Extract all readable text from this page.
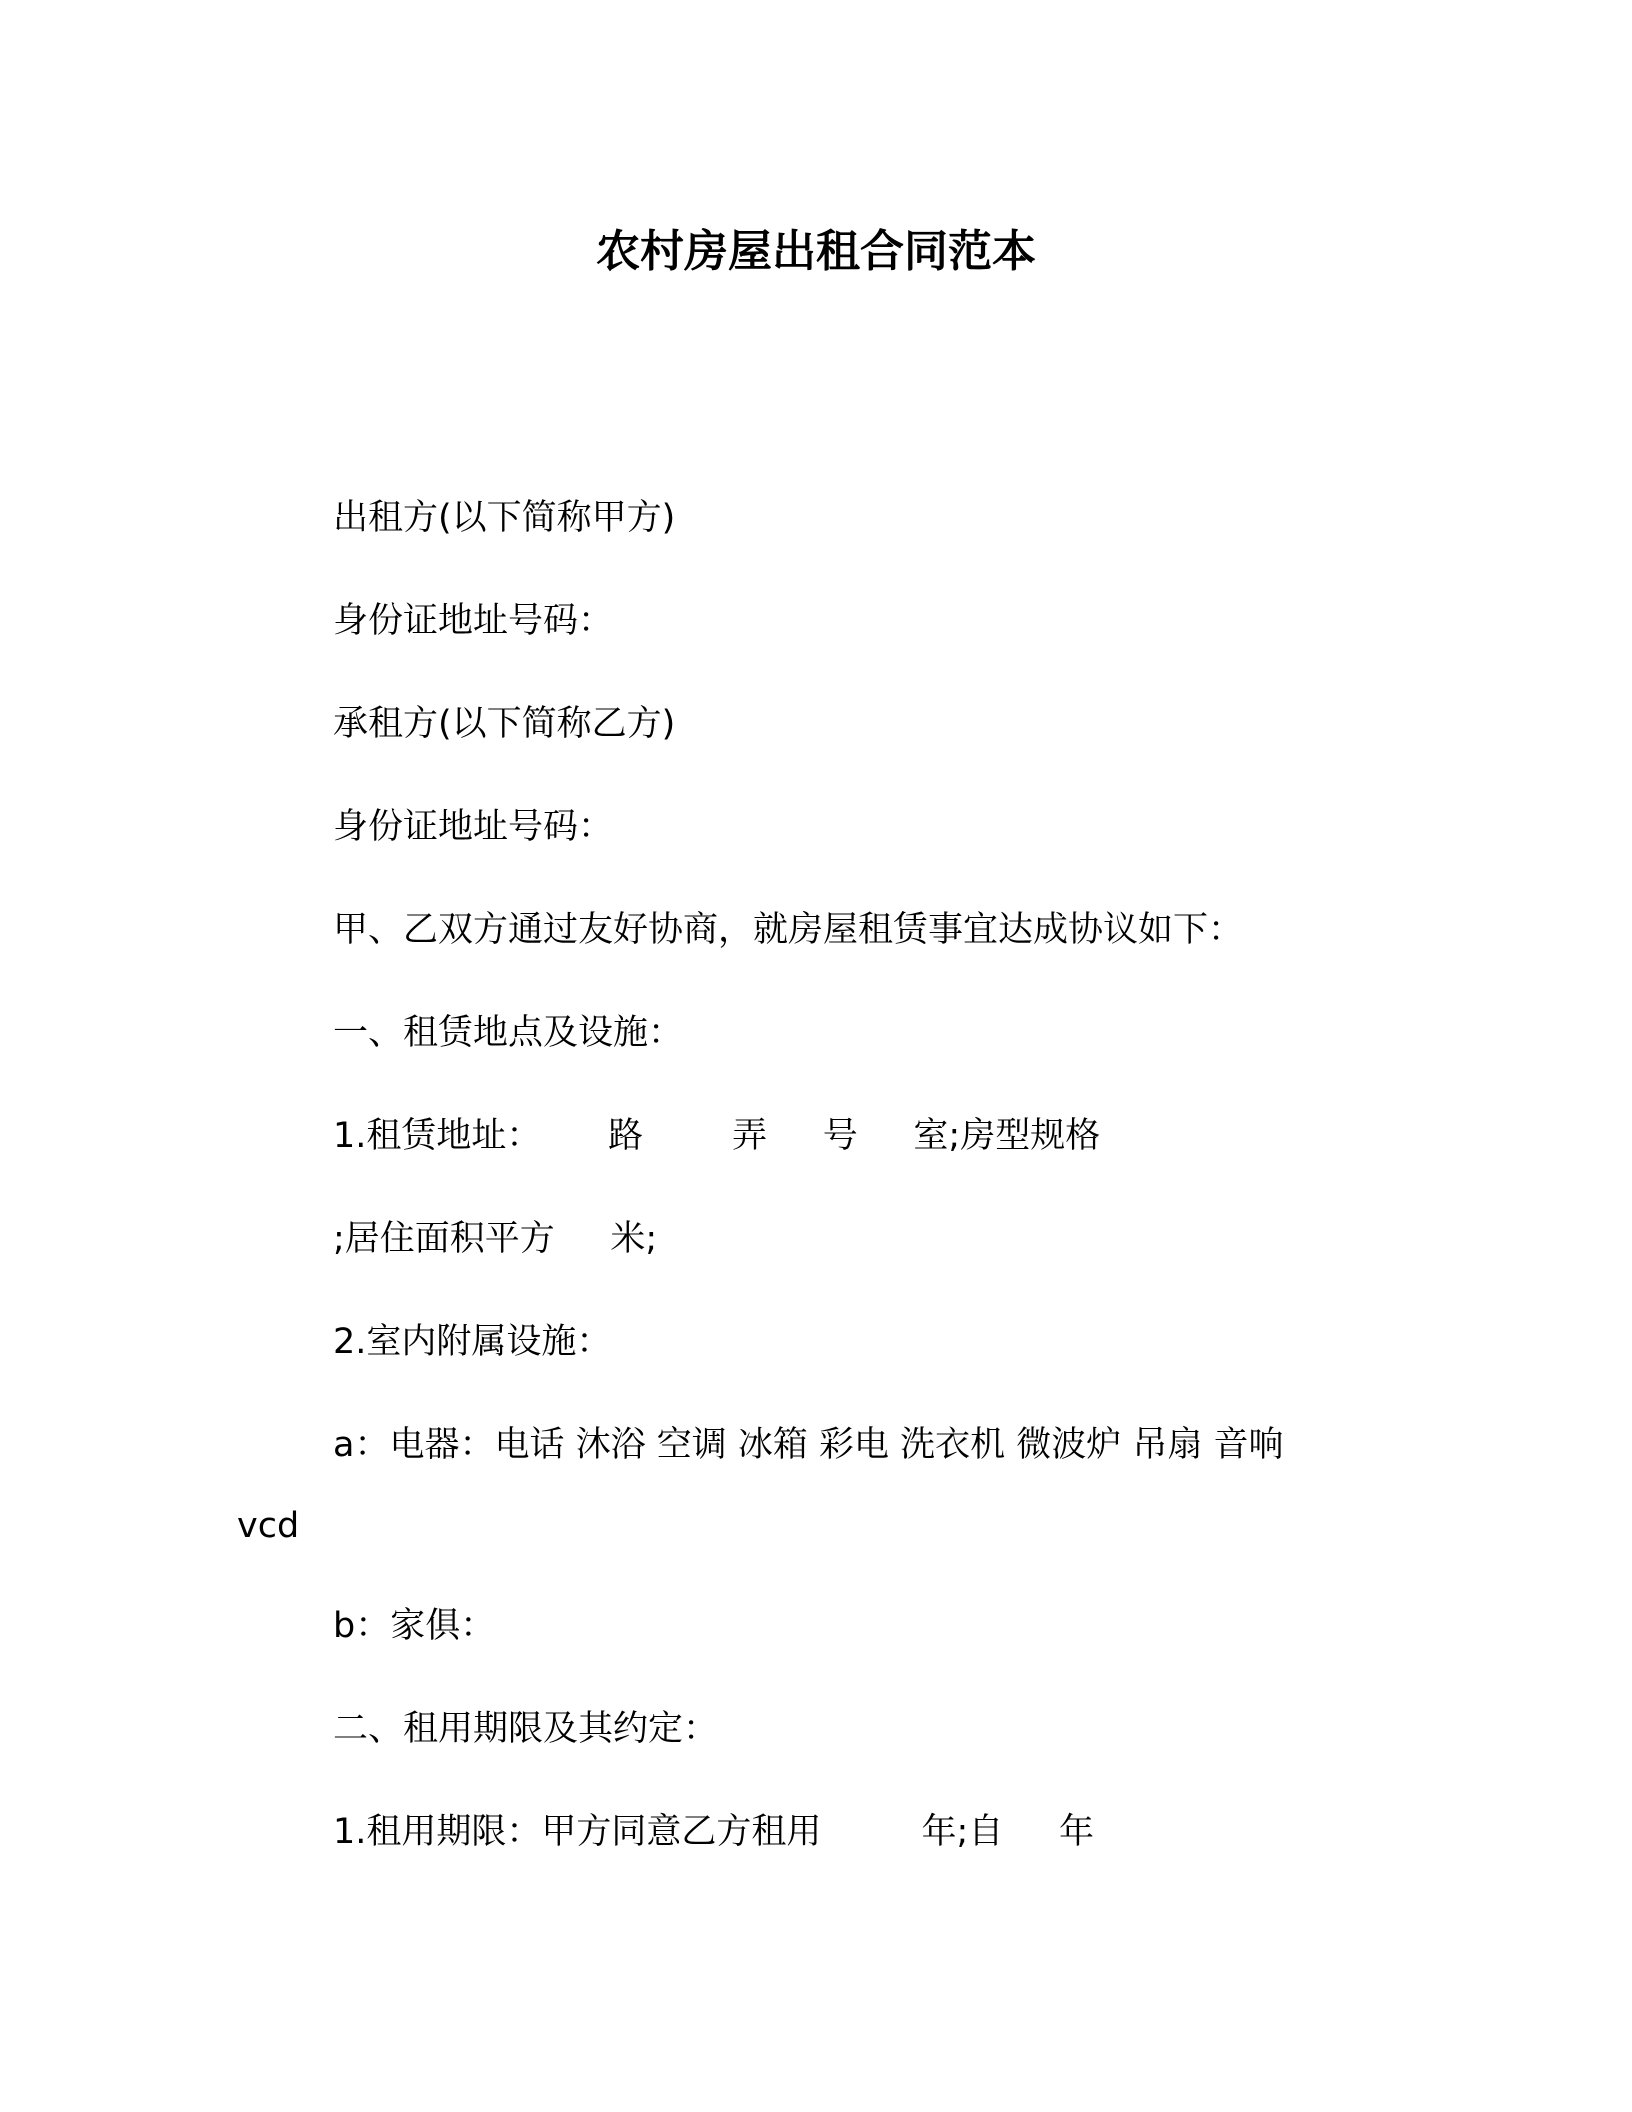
农村房屋出租合同范本
出租方(以下简称甲方)
身份证地址号码：
承租方(以下简称乙方)
身份证地址号码：
甲、乙双方通过友好协商，就房屋租赁事宜达成协议如下：
一、租赁地点及设施：
1.租赁地址：      路        弄     号     室;房型规格
;居住面积平方     米;
2.室内附属设施：
a：电器：电话 沐浴 空调 冰箱 彩电 洗衣机 微波炉 吊扇 音响
vcd
b：家俱：
二、租用期限及其约定：
1.租用期限：甲方同意乙方租用         年;自     年
